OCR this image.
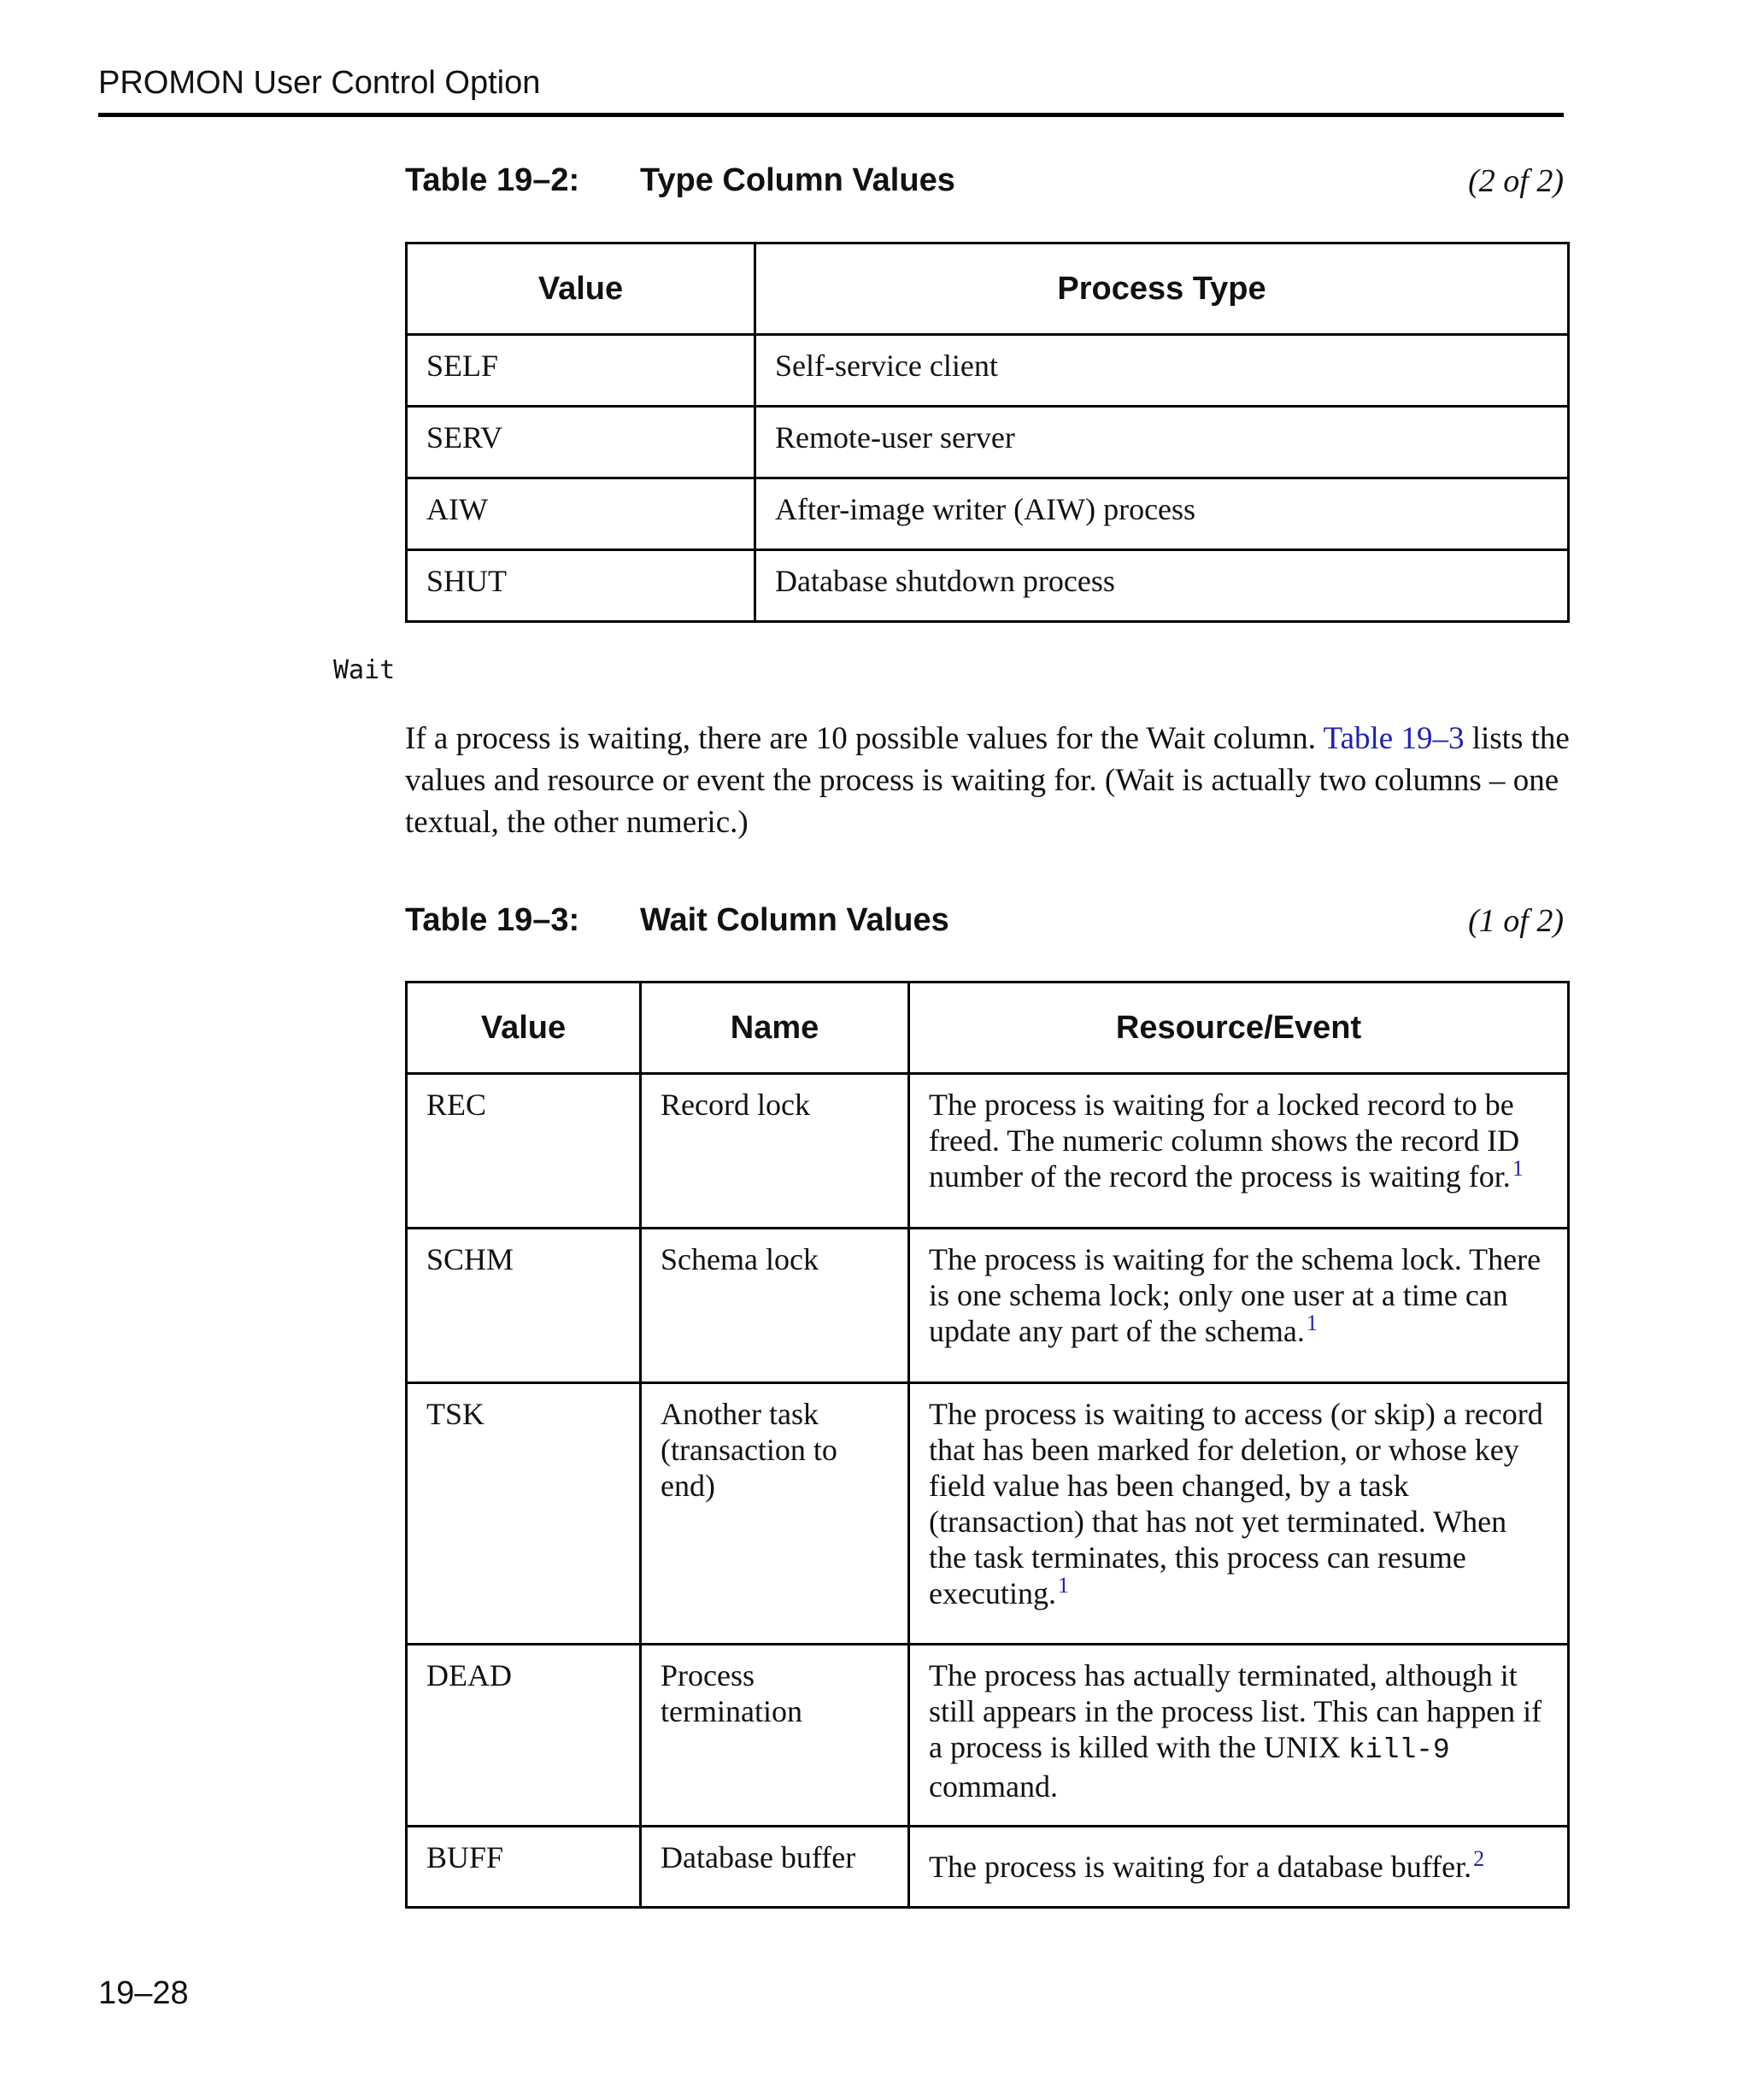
PROMON User Control Option
Table 19–2: Type Column Values	(2 of 2)
Value	Process Type
SELF	Self-service client
SERV	Remote-user server
AIW	After-image writer (AIW) process
SHUT	Database shutdown process
Wait
If a process is waiting, there are 10 possible values for the Wait column. Table 19–3 lists the values and resource or event the process is waiting for. (Wait is actually two columns – one textual, the other numeric.)
Table 19–3: Wait Column Values	(1 of 2)
Value	Name	Resource/Event
REC	Record lock	The process is waiting for a locked record to be freed. The numeric column shows the record ID number of the record the process is waiting for.$^1$
SCHM	Schema lock	The process is waiting for the schema lock. There is one schema lock; only one user at a time can update any part of the schema.$^1$
TSK	Another task (transaction to end)	The process is waiting to access (or skip) a record that has been marked for deletion, or whose key field value has been changed, by a task (transaction) that has not yet terminated. When the task terminates, this process can resume executing.$^1$
DEAD	Process termination	The process has actually terminated, although it still appears in the process list. This can happen if a process is killed with the UNIX kill-9 command.
BUFF	Database buffer	The process is waiting for a database buffer.$^2$
19–28
